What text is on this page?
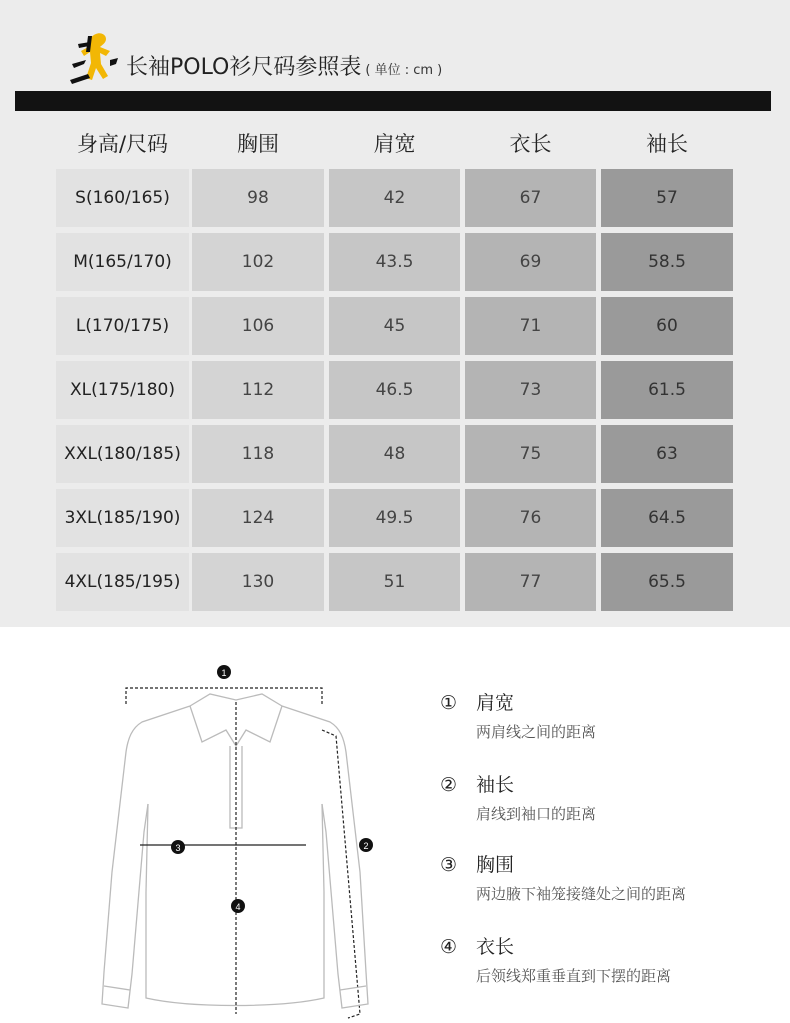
长袖POLO衫尺码参照表 ( 单位 : cm )
身高/尺码	胸围	肩宽	衣长	袖长
S(160/165)	98	42	67	57
M(165/170)	102	43.5	69	58.5
L(170/175)	106	45	71	60
XL(175/180)	112	46.5	73	61.5
XXL(180/185)	118	48	75	63
3XL(185/190)	124	49.5	76	64.5
4XL(185/195)	130	51	77	65.5
1
2
3
4
① 肩宽
两肩线之间的距离
② 袖长
肩线到袖口的距离
③ 胸围
两边腋下袖笼接缝处之间的距离
④ 衣长
后领线郑重垂直到下摆的距离
